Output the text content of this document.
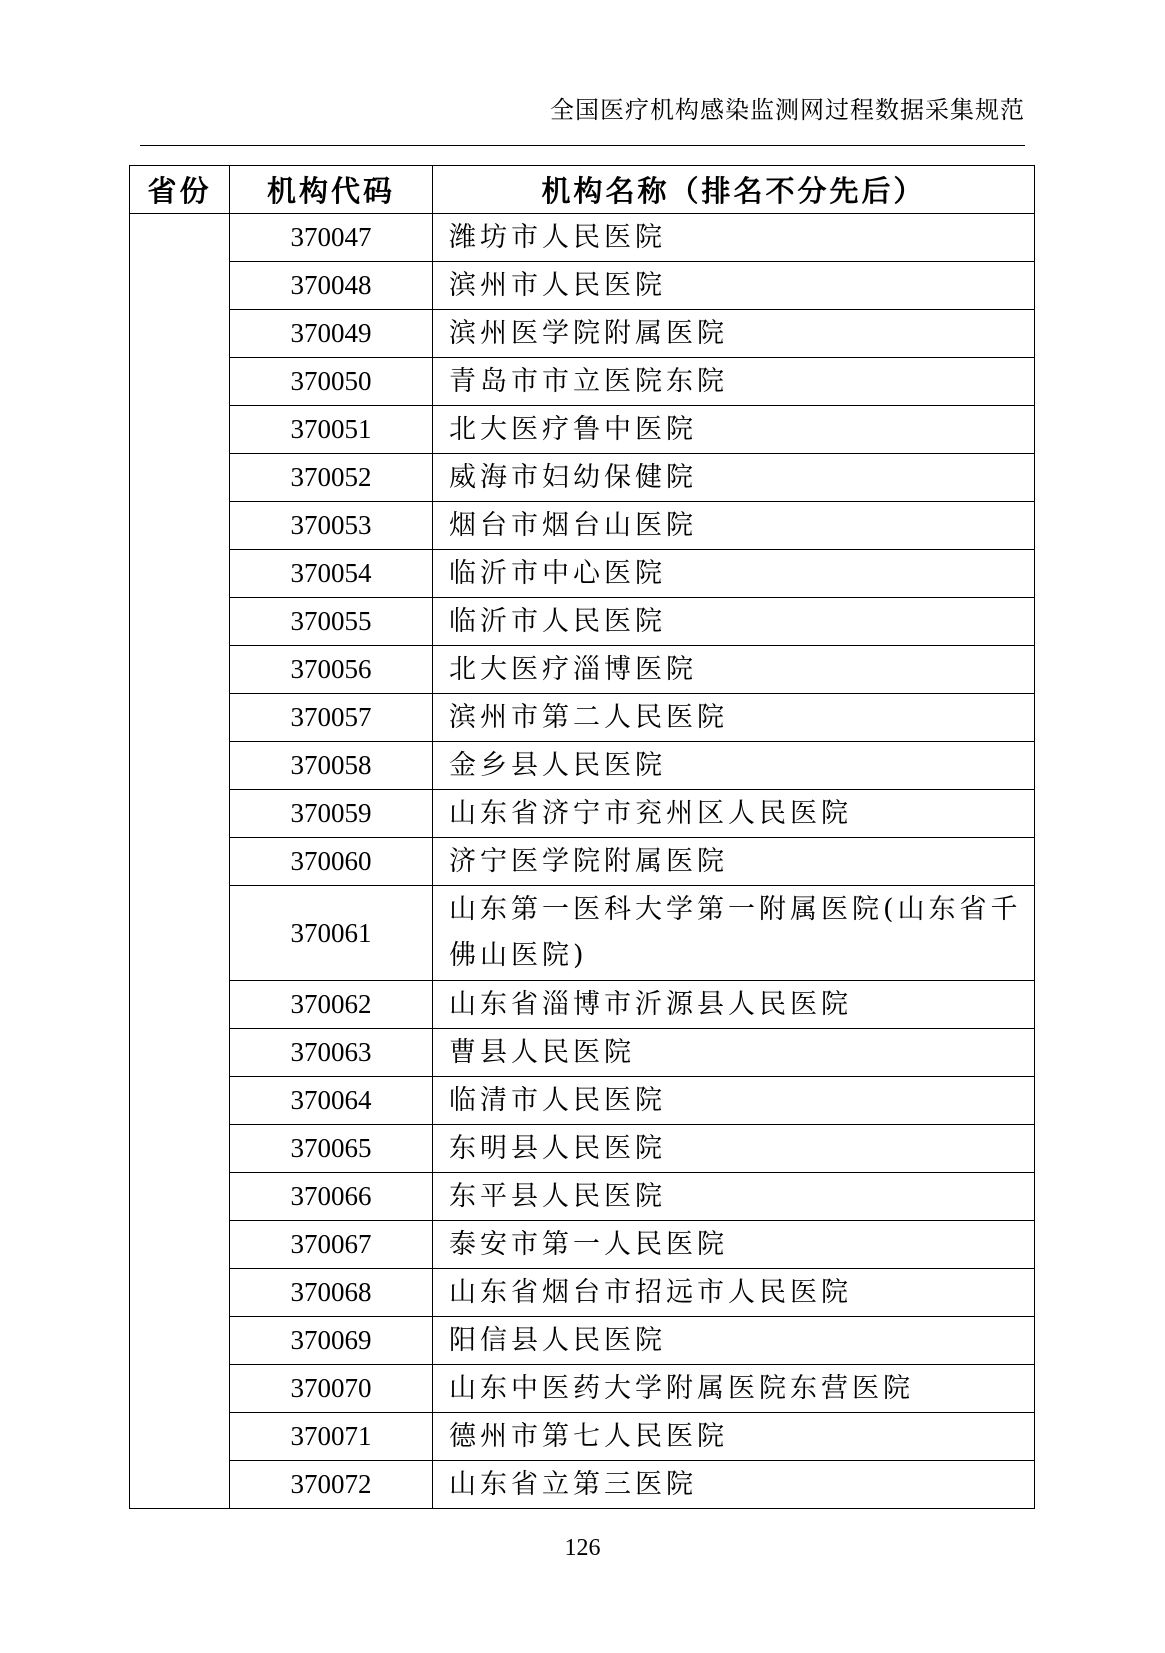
全国医疗机构感染监测网过程数据采集规范
省份	机构代码	机构名称（排名不分先后）
	370047	潍坊市人民医院
	370048	滨州市人民医院
	370049	滨州医学院附属医院
	370050	青岛市市立医院东院
	370051	北大医疗鲁中医院
	370052	威海市妇幼保健院
	370053	烟台市烟台山医院
	370054	临沂市中心医院
	370055	临沂市人民医院
	370056	北大医疗淄博医院
	370057	滨州市第二人民医院
	370058	金乡县人民医院
	370059	山东省济宁市兖州区人民医院
	370060	济宁医学院附属医院
	370061	山东第一医科大学第一附属医院(山东省千佛山医院)
	370062	山东省淄博市沂源县人民医院
	370063	曹县人民医院
	370064	临清市人民医院
	370065	东明县人民医院
	370066	东平县人民医院
	370067	泰安市第一人民医院
	370068	山东省烟台市招远市人民医院
	370069	阳信县人民医院
	370070	山东中医药大学附属医院东营医院
	370071	德州市第七人民医院
	370072	山东省立第三医院
126
